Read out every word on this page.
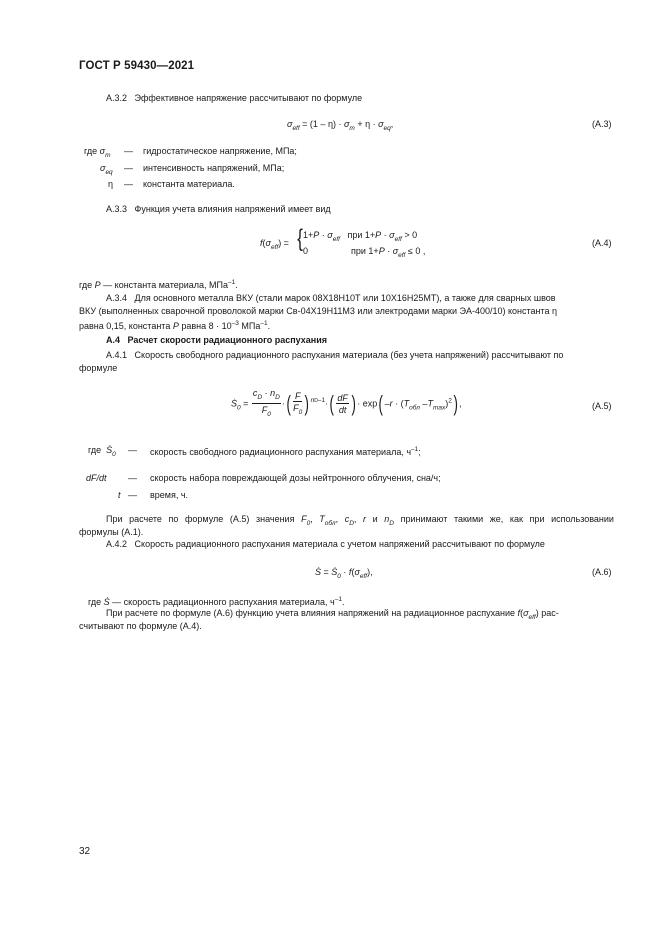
ГОСТ Р 59430—2021
А.3.2 Эффективное напряжение рассчитывают по формуле
$\sigma_{eff} = (1 - \eta) \cdot \sigma_m + \eta \cdot \sigma_{eq}$,	(А.3)
где $\sigma_m$ — гидростатическое напряжение, МПа;
$\sigma_{eq}$ — интенсивность напряжений, МПа;
η — константа материала.
А.3.3 Функция учета влияния напряжений имеет вид
$f(\sigma_{eff})$ = { $1+P \cdot \sigma_{eff}$ при $1+P \cdot \sigma_{eff} > 0$
0	при $1+P \cdot \sigma_{eff} \le 0$ ,
(А.4)
где P — константа материала, МПа$^{-1}$.
А.3.4 Для основного металла ВКУ (стали марок 08Х18Н10Т или 10Х16Н25МТ), а также для сварных швов
ВКУ (выполненных сварочной проволокой марки Св-04Х19Н11М3 или электродами марки ЭА-400/10) константа η
равна 0,15, константа P равна $8 \cdot 10^{-3}$ МПа$^{-1}$.
А.4 Расчет скорости радиационного распухания
А.4.1 Скорость свободного радиационного распухания материала (без учета напряжений) рассчитывают по
формуле
Ṡ$_0$ = $\frac{c_D \cdot n_D}{F_0}$ ·( $\frac{F}{F_0} )^{nD-1}\cdot( \frac{dF}{dt}$ )· $\exp(-r \cdot (T_{обл}$ $-T_{max})^2$),	(А.5)
где Ṡ$_0$ — скорость свободного радиационного распухания материала, $ч^{-1}$;
dF/dt — скорость набора повреждающей дозы нейтронного облучения, сна/ч;
t — время, ч.
При расчете по формуле (А.5) значения $F_0$, $T_{обл}$, $c_D$, r и $n_D$ принимают такими же, как при использовании
формулы (А.1).
А.4.2 Скорость радиационного распухания материала с учетом напряжений рассчитывают по формуле
Ṡ = Ṡ$_0$ · $f(\sigma_{eff})$,	(А.6)
где Ṡ — скорость радиационного распухания материала, $ч^{-1}$.
При расчете по формуле (А.6) функцию учета влияния напряжений на радиационное распухание $f(\sigma_{eff})$ рас-
считывают по формуле (А.4).
32
